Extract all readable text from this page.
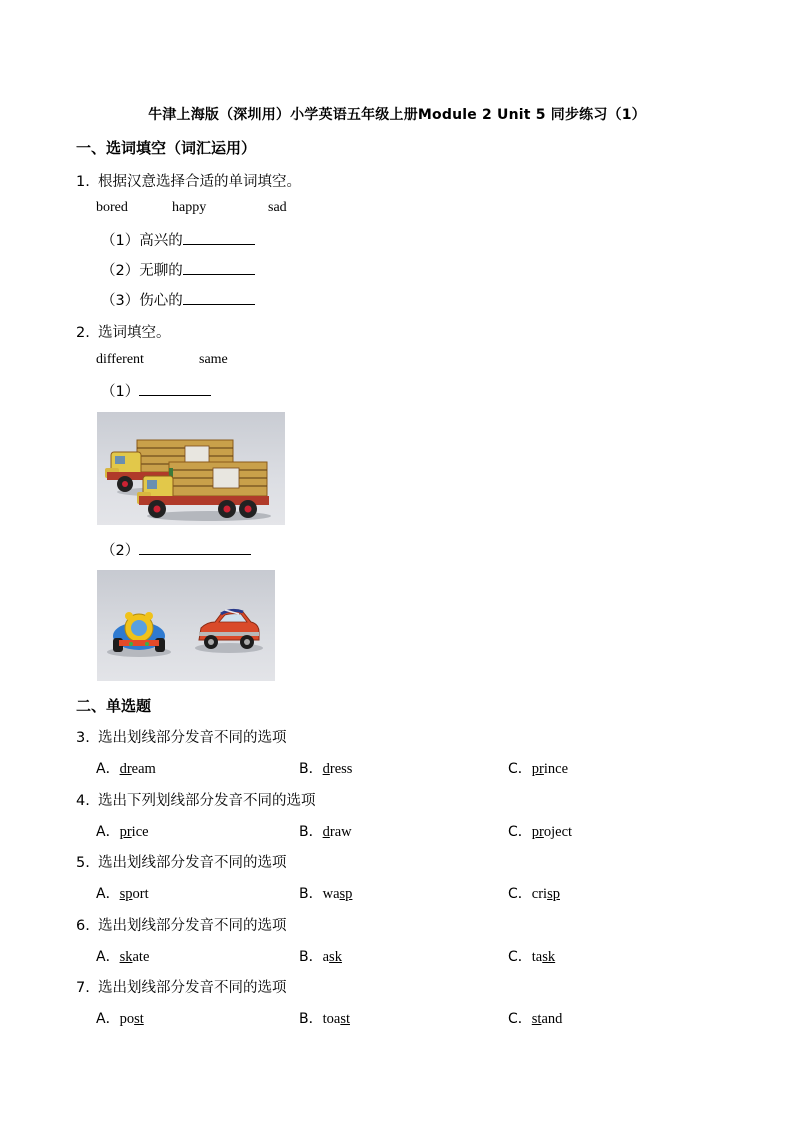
牛津上海版（深圳用）小学英语五年级上册Module 2 Unit 5 同步练习（1）
一、选词填空（词汇运用）
1. 根据汉意选择合适的单词填空。
bored	happy	sad
（1）高兴的
（2）无聊的
（3）伤心的
2. 选词填空。
different	same
（1）
（2）
二、单选题
3. 选出划线部分发音不同的选项
A．dream	B．dress	C．prince
4. 选出下列划线部分发音不同的选项
A．price	B．draw	C．project
5. 选出划线部分发音不同的选项
A．sport	B．wasp	C．crisp
6. 选出划线部分发音不同的选项
A．skate	B．ask	C．task
7. 选出划线部分发音不同的选项
A．post	B．toast	C．stand
